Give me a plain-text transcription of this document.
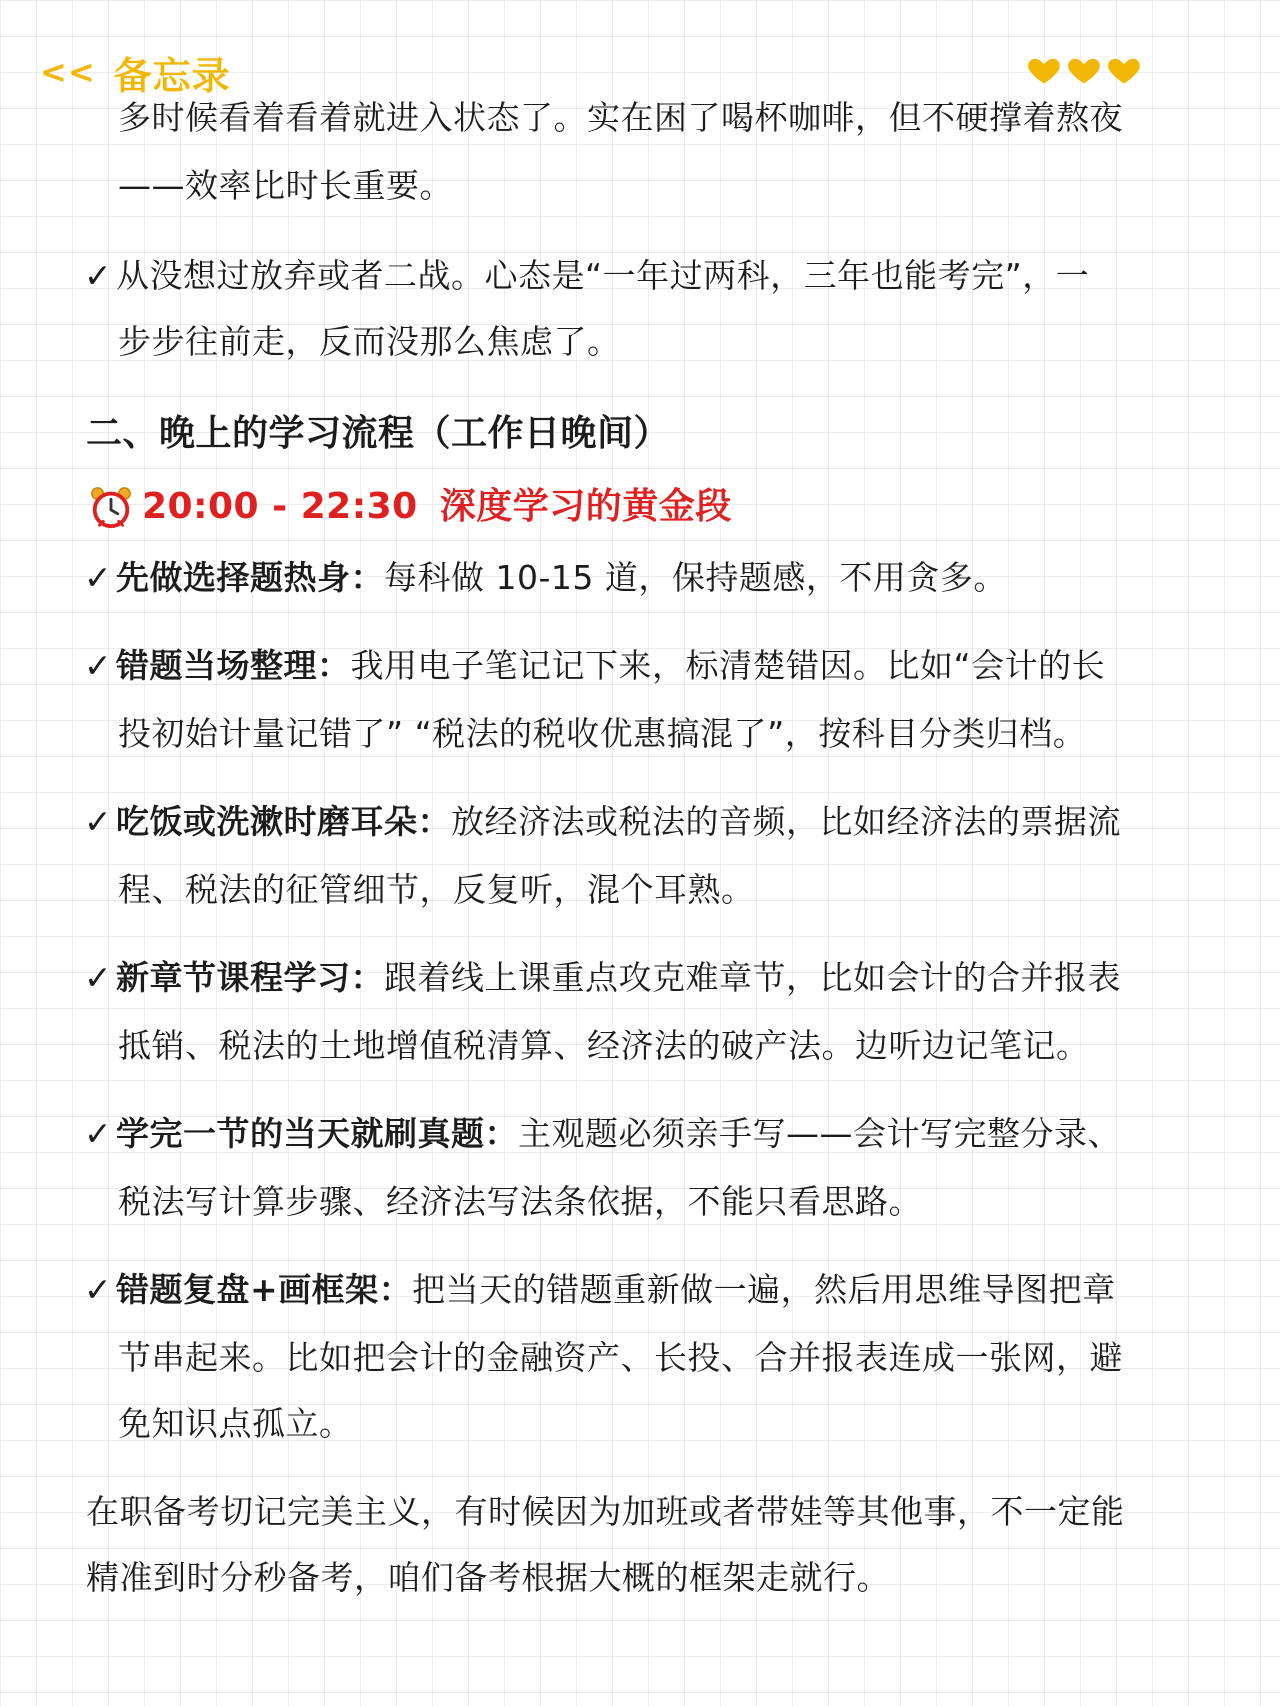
<< 备忘录
多时候看着看着就进入状态了。实在困了喝杯咖啡，但不硬撑着熬夜
——效率比时长重要。
✓ 从没想过放弃或者二战。心态是“一年过两科，三年也能考完”，一
步步往前走，反而没那么焦虑了。
二、晚上的学习流程（工作日晚间）
20:00 - 22:30 深度学习的黄金段
✓ 先做选择题热身：每科做 10-15 道，保持题感，不用贪多。
✓ 错题当场整理：我用电子笔记记下来，标清楚错因。比如“会计的长
投初始计量记错了” “税法的税收优惠搞混了”，按科目分类归档。
✓ 吃饭或洗漱时磨耳朵：放经济法或税法的音频，比如经济法的票据流
程、税法的征管细节，反复听，混个耳熟。
✓ 新章节课程学习：跟着线上课重点攻克难章节，比如会计的合并报表
抵销、税法的土地增值税清算、经济法的破产法。边听边记笔记。
✓ 学完一节的当天就刷真题：主观题必须亲手写——会计写完整分录、
税法写计算步骤、经济法写法条依据，不能只看思路。
✓ 错题复盘+画框架：把当天的错题重新做一遍，然后用思维导图把章
节串起来。比如把会计的金融资产、长投、合并报表连成一张网，避
免知识点孤立。
在职备考切记完美主义，有时候因为加班或者带娃等其他事，不一定能
精准到时分秒备考，咱们备考根据大概的框架走就行。
